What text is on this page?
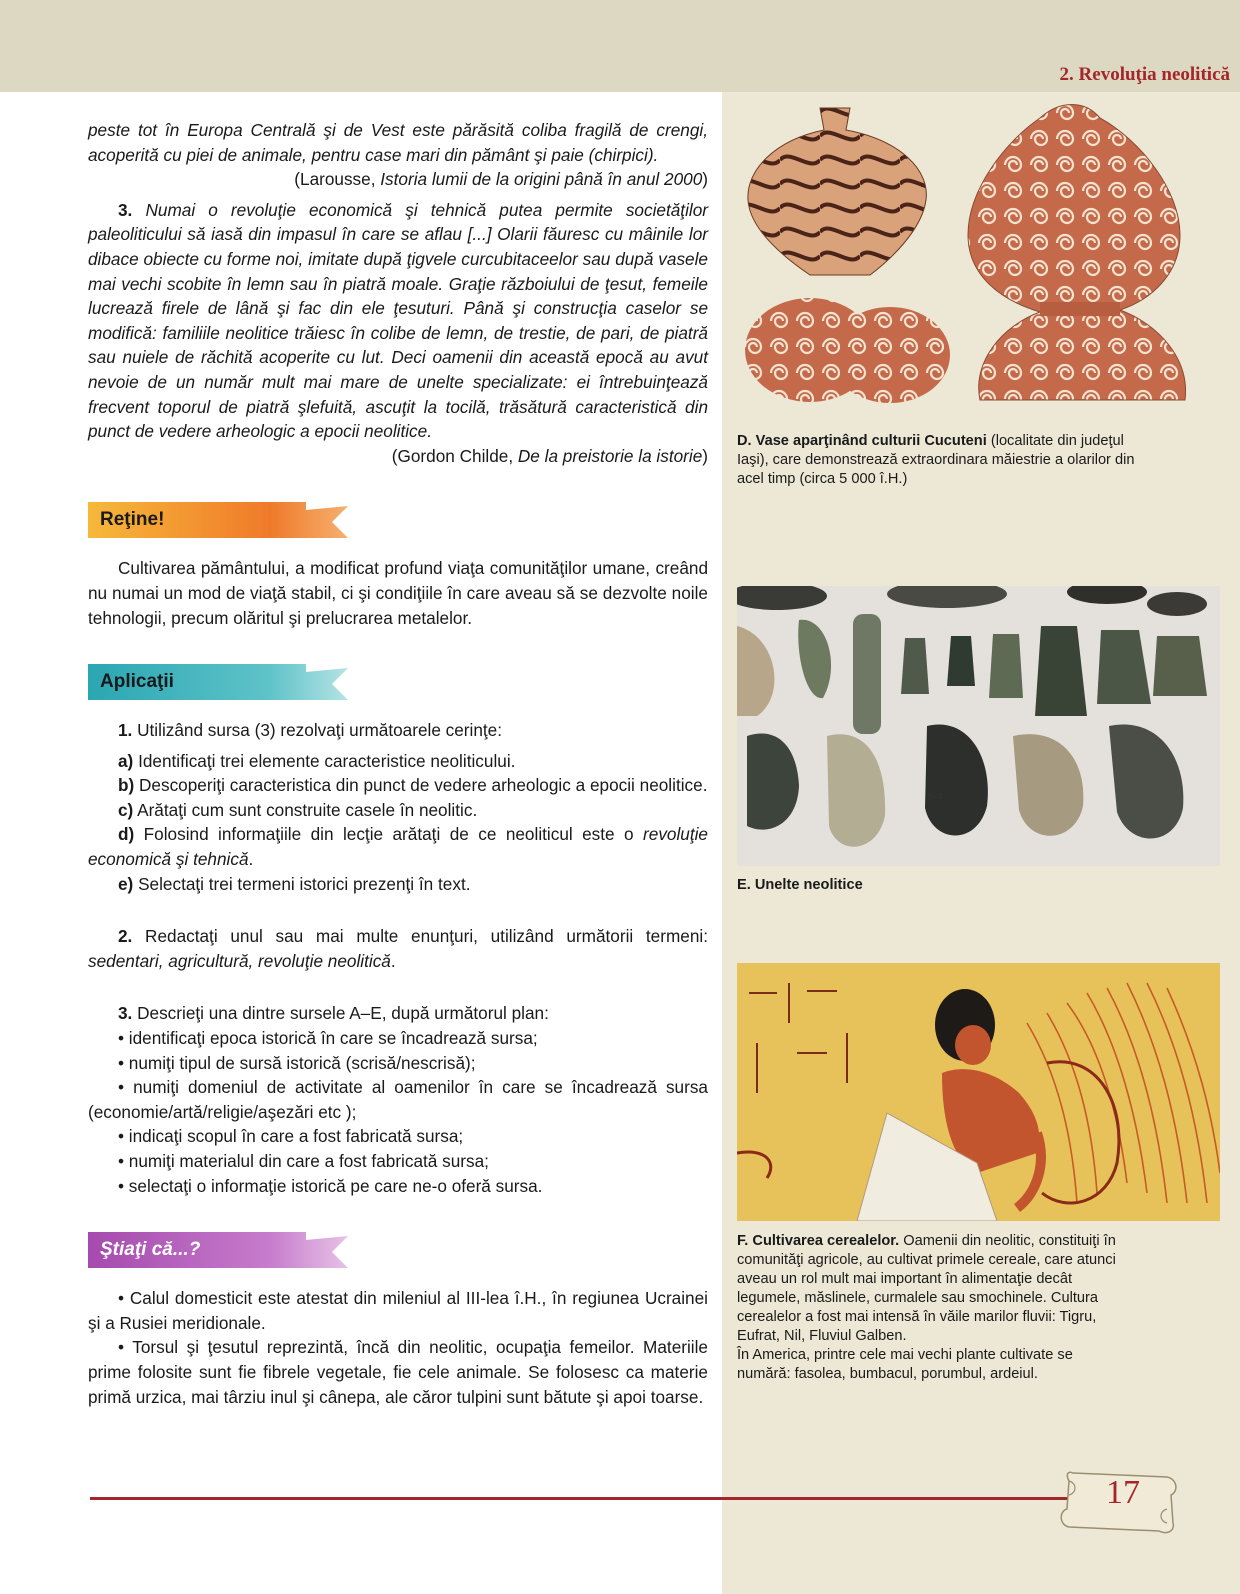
2. Revoluţia neolitică

peste tot în Europa Centrală şi de Vest este părăsită coliba fragilă de crengi, acoperită cu piei de animale, pentru case mari din pământ şi paie (chirpici).

(Larousse, Istoria lumii de la origini până în anul 2000)

3. Numai o revoluţie economică şi tehnică putea permite societăţilor paleoliticului să iasă din impasul în care se aflau [...] Olarii făuresc cu mâinile lor dibace obiecte cu forme noi, imitate după ţigvele curcubitaceelor sau după vasele mai vechi scobite în lemn sau în piatră moale. Graţie războiului de ţesut, femeile lucrează firele de lână şi fac din ele ţesuturi. Până şi construcţia caselor se modifică: familiile neolitice trăiesc în colibe de lemn, de trestie, de pari, de piatră sau nuiele de răchită acoperite cu lut. Deci oamenii din această epocă au avut nevoie de un număr mult mai mare de unelte specializate: ei întrebuinţează frecvent toporul de piatră şlefuită, ascuţit la tocilă, trăsătură caracteristică din punct de vedere arheologic a epocii neolitice.

(Gordon Childe, De la preistorie la istorie)

Reţine!

Cultivarea pământului, a modificat profund viaţa comunităţilor umane, creând nu numai un mod de viaţă stabil, ci şi condiţiile în care aveau să se dezvolte noile tehnologii, precum olăritul şi prelucrarea metalelor.

Aplicaţii

1. Utilizând sursa (3) rezolvaţi următoarele cerinţe:

a) Identificaţi trei elemente caracteristice neoliticului.

b) Descoperiţi caracteristica din punct de vedere arheologic a epocii neolitice.

c) Arătaţi cum sunt construite casele în neolitic.

d) Folosind informaţiile din lecţie arătaţi de ce neoliticul este o revoluţie economică şi tehnică.

e) Selectaţi trei termeni istorici prezenţi în text.

2. Redactaţi unul sau mai multe enunţuri, utilizând următorii termeni: sedentari, agricultură, revoluţie neolitică.

3. Descrieţi una dintre sursele A–E, după următorul plan:

• identificaţi epoca istorică în care se încadrează sursa;

• numiţi tipul de sursă istorică (scrisă/nescrisă);

• numiţi domeniul de activitate al oamenilor în care se încadrează sursa (economie/artă/religie/aşezări etc );

• indicaţi scopul în care a fost fabricată sursa;

• numiţi materialul din care a fost fabricată sursa;

• selectaţi o informaţie istorică pe care ne-o oferă sursa.

Ştiaţi că...?

• Calul domesticit este atestat din mileniul al III-lea î.H., în regiunea Ucrainei şi a Rusiei meridionale.

• Torsul şi ţesutul reprezintă, încă din neolitic, ocupaţia femeilor. Materiile prime folosite sunt fie fibrele vegetale, fie cele animale. Se folosesc ca materie primă urzica, mai târziu inul şi cânepa, ale căror tulpini sunt bătute şi apoi toarse.

D. Vase aparţinând culturii Cucuteni (localitate din judeţul Iaşi), care demonstrează extraordinara măiestrie a olarilor din acel timp (circa 5 000 î.H.)
9-4
E. Unelte neolitice
F. Cultivarea cerealelor. Oamenii din neolitic, constituiţi în comunităţi agricole, au cultivat primele cereale, care atunci aveau un rol mult mai important în alimentaţie decât legumele, măslinele, curmalele sau smochinele. Cultura cerealelor a fost mai intensă în văile marilor fluvii: Tigru, Eufrat, Nil, Fluviul Galben.
În America, printre cele mai vechi plante cultivate se numără: fasolea, bumbacul, porumbul, ardeiul.
17
